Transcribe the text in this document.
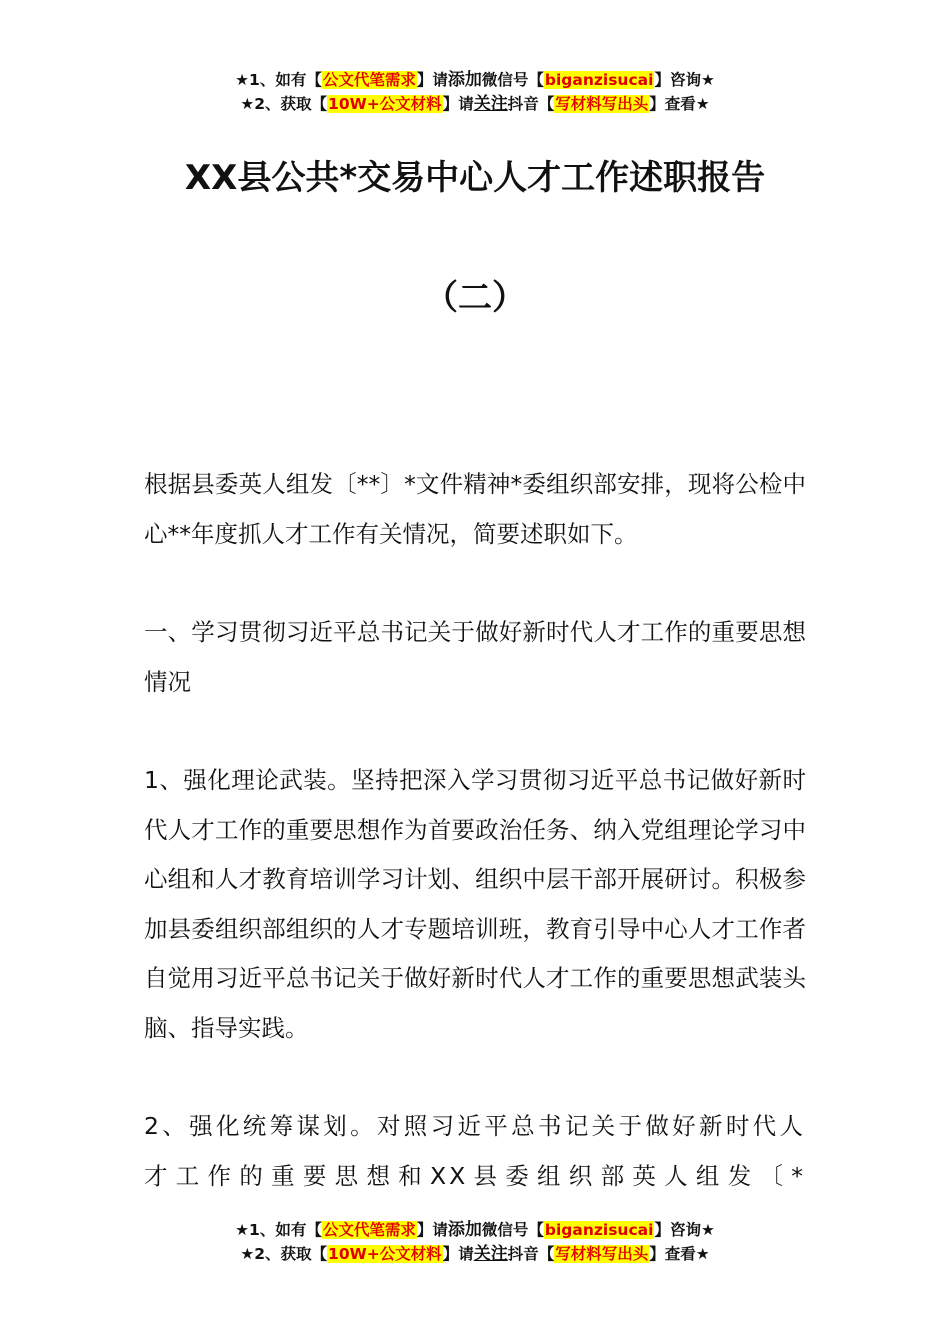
★1、如有【公文代笔需求】请添加微信号【biganzisucai】咨询★
★2、获取【10W+公文材料】请关注抖音【写材料写出头】查看★
XX县公共*交易中心人才工作述职报告
（二）

根据县委英人组发〔**〕*文件精神*委组织部安排，现将公检中心**年度抓人才工作有关情况，简要述职如下。

一、学习贯彻习近平总书记关于做好新时代人才工作的重要思想情况

1、强化理论武装。坚持把深入学习贯彻习近平总书记做好新时代人才工作的重要思想作为首要政治任务、纳入党组理论学习中心组和人才教育培训学习计划、组织中层干部开展研讨。积极参加县委组织部组织的人才专题培训班，教育引导中心人才工作者自觉用习近平总书记关于做好新时代人才工作的重要思想武装头脑、指导实践。

2、强化统筹谋划。对照习近平总书记关于做好新时代人才工作的重要思想和XX县委组织部英人组发〔*

★1、如有【公文代笔需求】请添加微信号【biganzisucai】咨询★
★2、获取【10W+公文材料】请关注抖音【写材料写出头】查看★
